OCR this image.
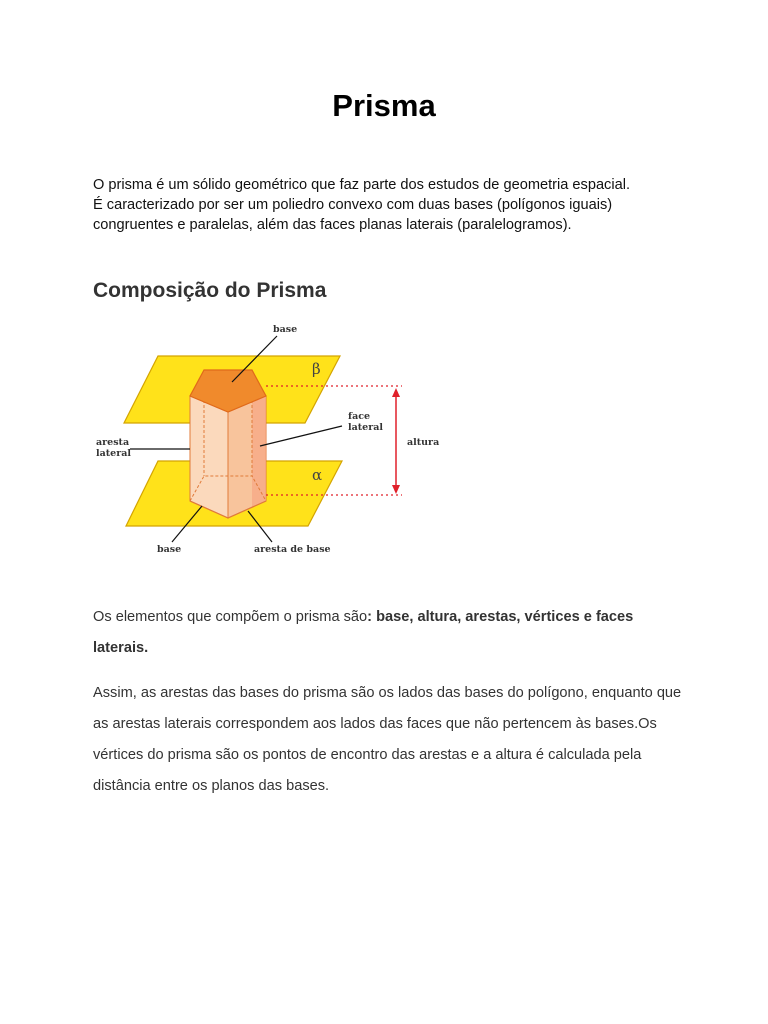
Prisma

O prisma é um sólido geométrico que faz parte dos estudos de geometria espacial.
É caracterizado por ser um poliedro convexo com duas bases (polígonos iguais)
congruentes e paralelas, além das faces planas laterais (paralelogramos).

Composição do Prisma
base
β
face
lateral
altura
aresta
lateral
α
base	aresta de base

Os elementos que compõem o prisma são: base, altura, arestas, vértices e faces laterais.

Assim, as arestas das bases do prisma são os lados das bases do polígono, enquanto que as arestas laterais correspondem aos lados das faces que não pertencem às bases.Os vértices do prisma são os pontos de encontro das arestas e a altura é calculada pela distância entre os planos das bases.
